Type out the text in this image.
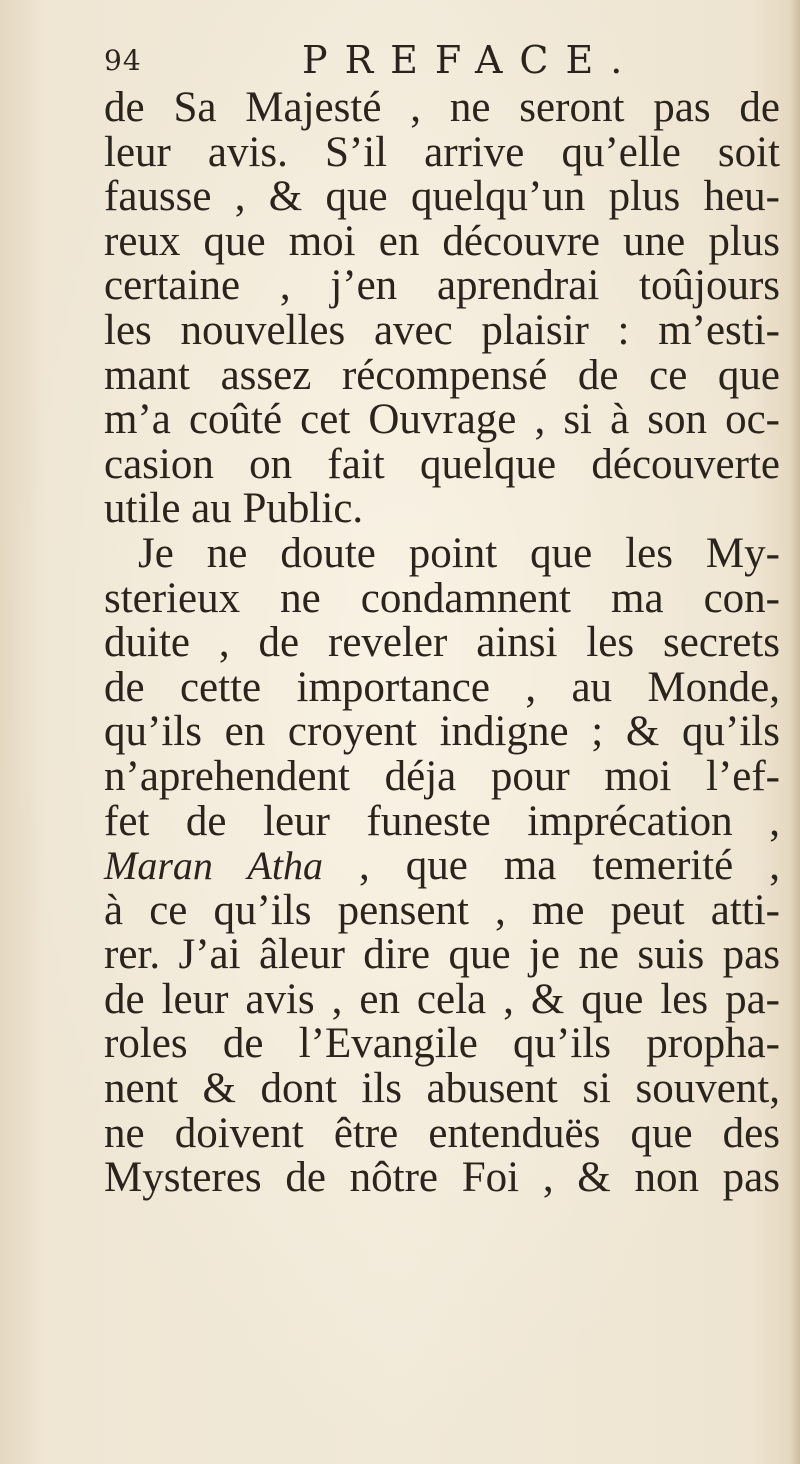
94	PREFACE.
de Sa Majesté , ne seront pas de
leur avis. S’il arrive qu’elle soit
fausse , & que quelqu’un plus heu-
reux que moi en découvre une plus
certaine , j’en aprendrai toûjours
les nouvelles avec plaisir : m’esti-
mant assez récompensé de ce que
m’a coûté cet Ouvrage , si à son oc-
casion on fait quelque découverte
utile au Public.
Je ne doute point que les My-
sterieux ne condamnent ma con-
duite , de reveler ainsi les secrets
de cette importance , au Monde,
qu’ils en croyent indigne ; & qu’ils
n’aprehendent déja pour moi l’ef-
fet de leur funeste imprécation ,
Maran Atha , que ma temerité ,
à ce qu’ils pensent , me peut atti-
rer. J’ai âleur dire que je ne suis pas
de leur avis , en cela , & que les pa-
roles de l’Evangile qu’ils propha-
nent & dont ils abusent si souvent,
ne doivent être entenduës que des
Mysteres de nôtre Foi , & non pas
